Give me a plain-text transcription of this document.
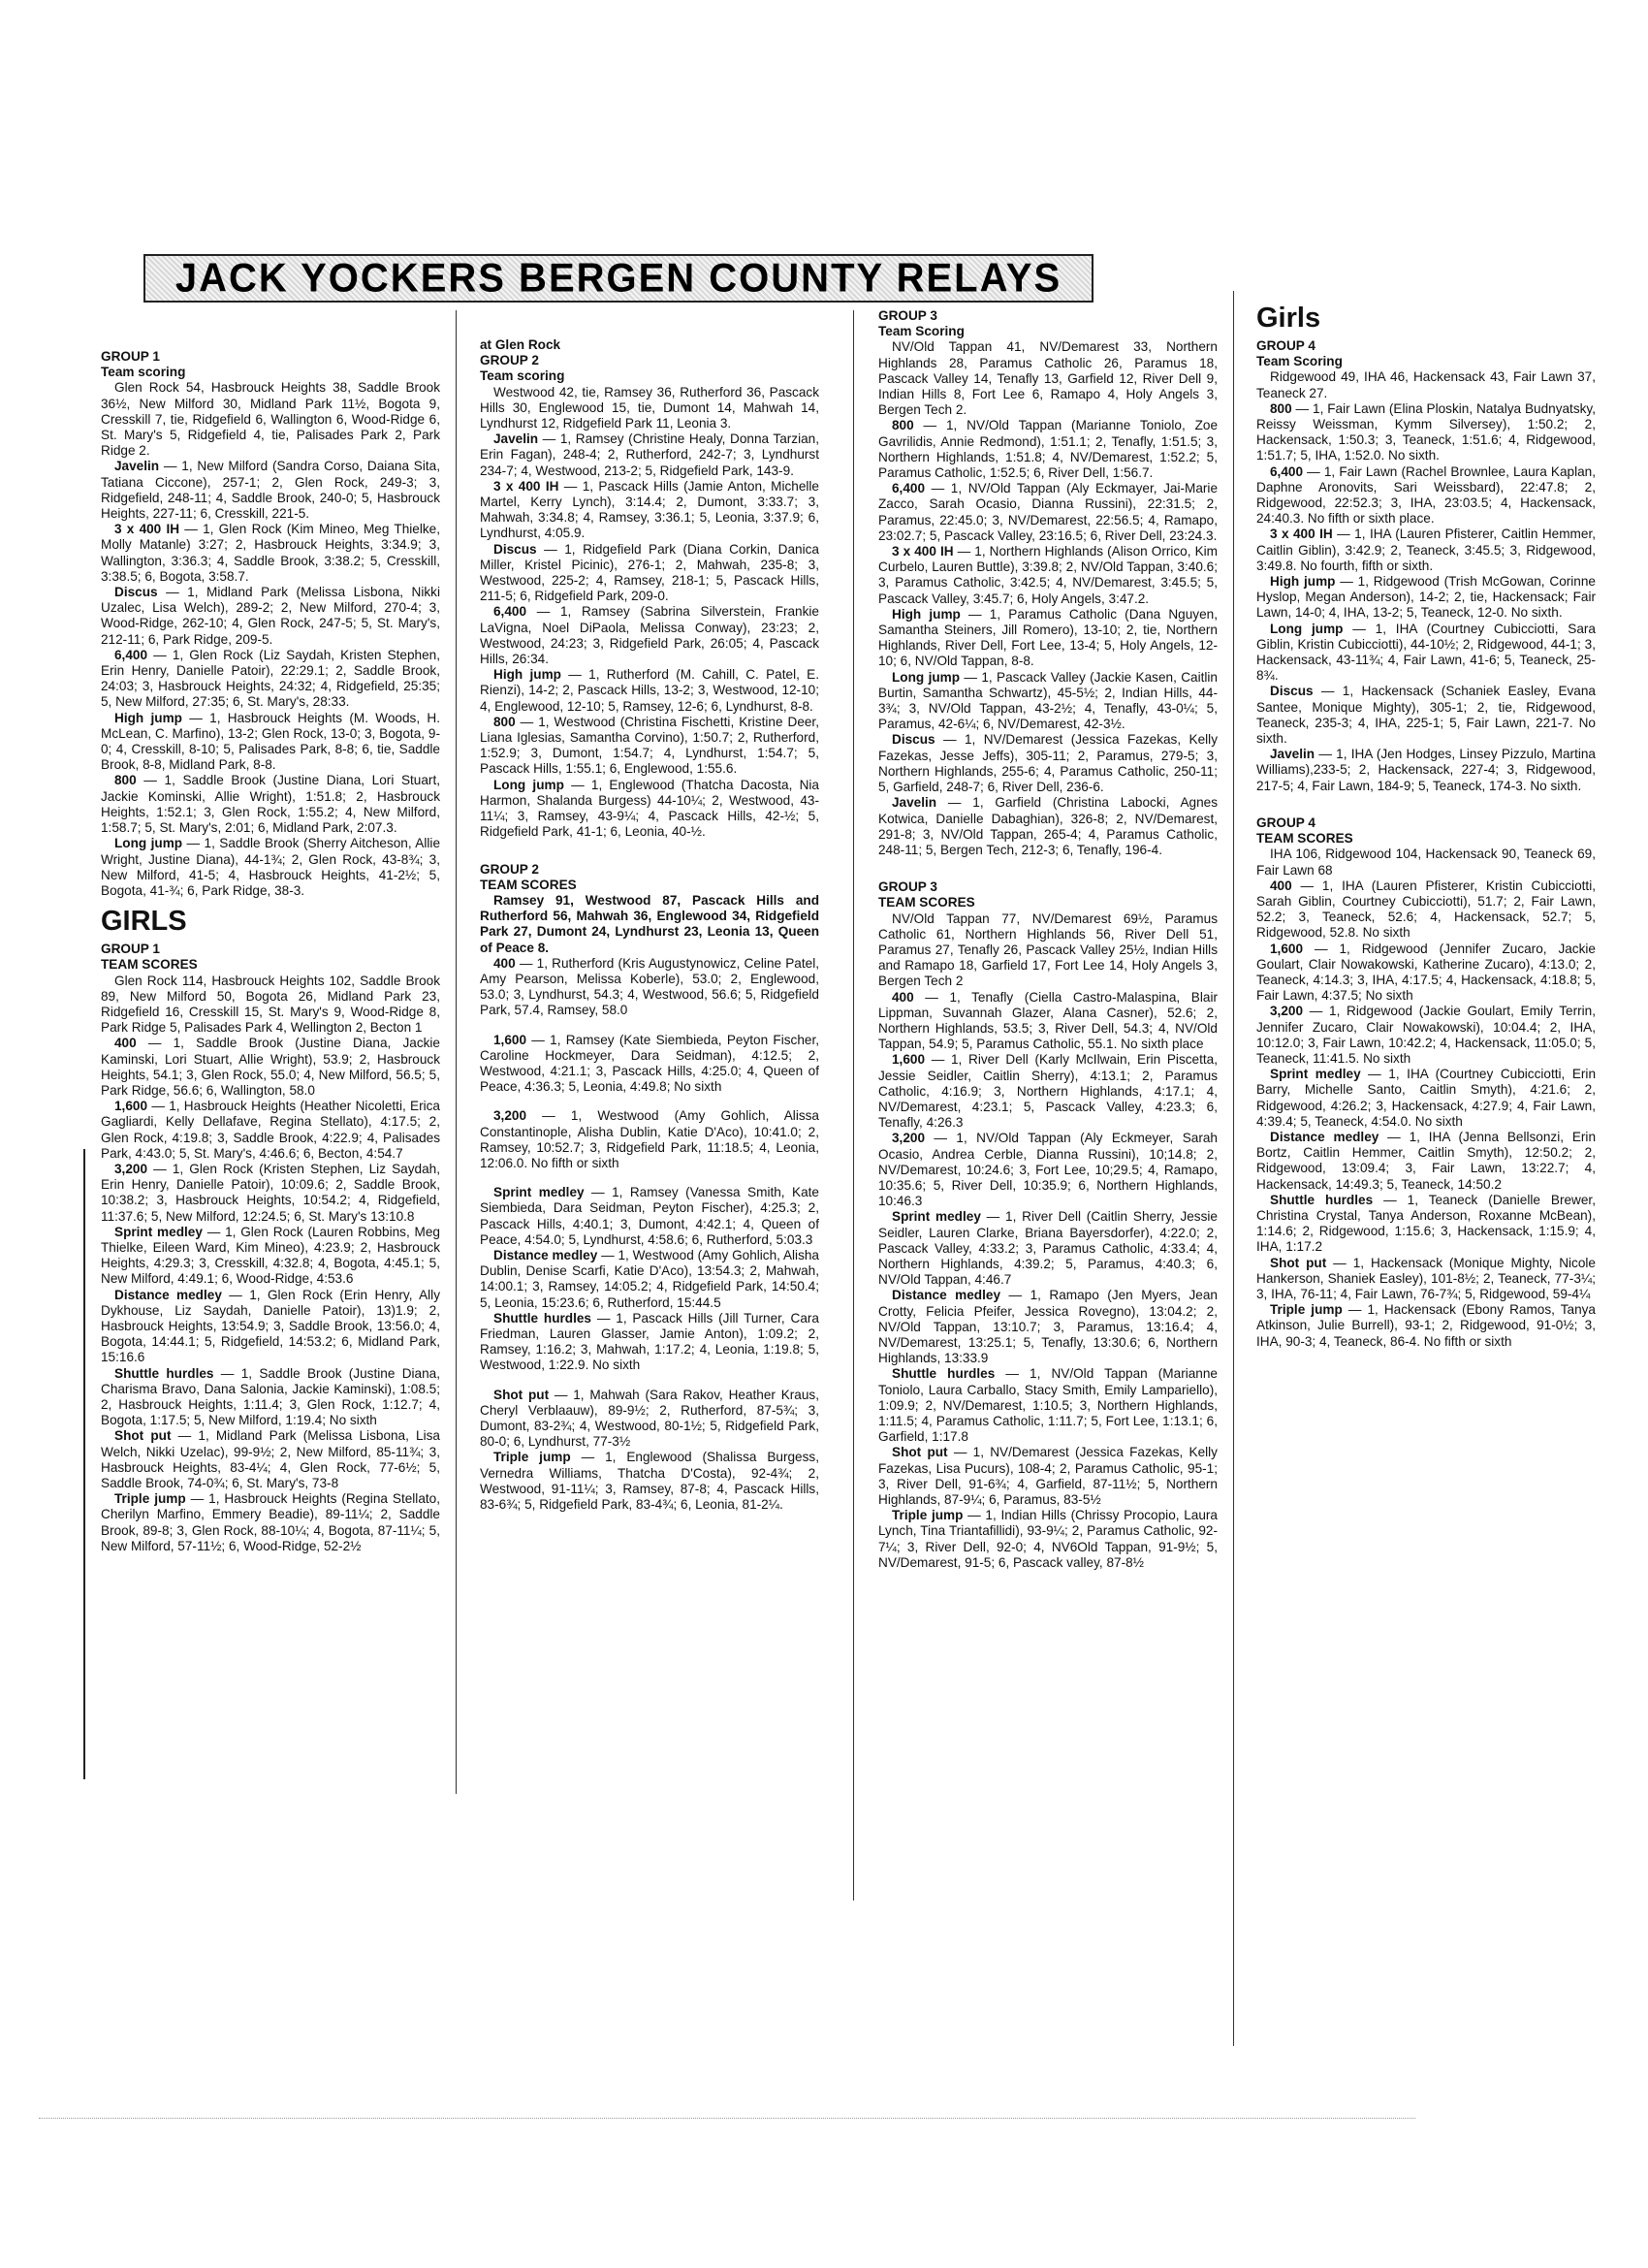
JACK YOCKERS BERGEN COUNTY RELAYS
GROUP 1
Team scoring

Glen Rock 54, Hasbrouck Heights 38, Saddle Brook 36½, New Milford 30, Midland Park 11½, Bogota 9, Cresskill 7, tie, Ridgefield 6, Wallington 6, Wood-Ridge 6, St. Mary's 5, Ridgefield 4, tie, Palisades Park 2, Park Ridge 2.

Javelin — 1, New Milford (Sandra Corso, Daiana Sita, Tatiana Ciccone), 257-1; 2, Glen Rock, 249-3; 3, Ridgefield, 248-11; 4, Saddle Brook, 240-0; 5, Hasbrouck Heights, 227-11; 6, Cresskill, 221-5.

3 x 400 IH — 1, Glen Rock (Kim Mineo, Meg Thielke, Molly Matanle) 3:27; 2, Hasbrouck Heights, 3:34.9; 3, Wallington, 3:36.3; 4, Saddle Brook, 3:38.2; 5, Cresskill, 3:38.5; 6, Bogota, 3:58.7.

Discus — 1, Midland Park (Melissa Lisbona, Nikki Uzalec, Lisa Welch), 289-2; 2, New Milford, 270-4; 3, Wood-Ridge, 262-10; 4, Glen Rock, 247-5; 5, St. Mary's, 212-11; 6, Park Ridge, 209-5.

6,400 — 1, Glen Rock (Liz Saydah, Kristen Stephen, Erin Henry, Danielle Patoir), 22:29.1; 2, Saddle Brook, 24:03; 3, Hasbrouck Heights, 24:32; 4, Ridgefield, 25:35; 5, New Milford, 27:35; 6, St. Mary's, 28:33.

High jump — 1, Hasbrouck Heights (M. Woods, H. McLean, C. Marfino), 13-2; Glen Rock, 13-0; 3, Bogota, 9-0; 4, Cresskill, 8-10; 5, Palisades Park, 8-8; 6, tie, Saddle Brook, 8-8, Midland Park, 8-8.

800 — 1, Saddle Brook (Justine Diana, Lori Stuart, Jackie Kominski, Allie Wright), 1:51.8; 2, Hasbrouck Heights, 1:52.1; 3, Glen Rock, 1:55.2; 4, New Milford, 1:58.7; 5, St. Mary's, 2:01; 6, Midland Park, 2:07.3.

Long jump — 1, Saddle Brook (Sherry Aitcheson, Allie Wright, Justine Diana), 44-1¾; 2, Glen Rock, 43-8¾; 3, New Milford, 41-5; 4, Hasbrouck Heights, 41-2½; 5, Bogota, 41-¾; 6, Park Ridge, 38-3.

GIRLS
GROUP 1
TEAM SCORES

Glen Rock 114, Hasbrouck Heights 102, Saddle Brook 89, New Milford 50, Bogota 26, Midland Park 23, Ridgefield 16, Cresskill 15, St. Mary's 9, Wood-Ridge 8, Park Ridge 5, Palisades Park 4, Wellington 2, Becton 1

400 — 1, Saddle Brook (Justine Diana, Jackie Kaminski, Lori Stuart, Allie Wright), 53.9; 2, Hasbrouck Heights, 54.1; 3, Glen Rock, 55.0; 4, New Milford, 56.5; 5, Park Ridge, 56.6; 6, Wallington, 58.0

1,600 — 1, Hasbrouck Heights (Heather Nicoletti, Erica Gagliardi, Kelly Dellafave, Regina Stellato), 4:17.5; 2, Glen Rock, 4:19.8; 3, Saddle Brook, 4:22.9; 4, Palisades Park, 4:43.0; 5, St. Mary's, 4:46.6; 6, Becton, 4:54.7

3,200 — 1, Glen Rock (Kristen Stephen, Liz Saydah, Erin Henry, Danielle Patoir), 10:09.6; 2, Saddle Brook, 10:38.2; 3, Hasbrouck Heights, 10:54.2; 4, Ridgefield, 11:37.6; 5, New Milford, 12:24.5; 6, St. Mary's 13:10.8

Sprint medley — 1, Glen Rock (Lauren Robbins, Meg Thielke, Eileen Ward, Kim Mineo), 4:23.9; 2, Hasbrouck Heights, 4:29.3; 3, Cresskill, 4:32.8; 4, Bogota, 4:45.1; 5, New Milford, 4:49.1; 6, Wood-Ridge, 4:53.6

Distance medley — 1, Glen Rock (Erin Henry, Ally Dykhouse, Liz Saydah, Danielle Patoir), 13)1.9; 2, Hasbrouck Heights, 13:54.9; 3, Saddle Brook, 13:56.0; 4, Bogota, 14:44.1; 5, Ridgefield, 14:53.2; 6, Midland Park, 15:16.6

Shuttle hurdles — 1, Saddle Brook (Justine Diana, Charisma Bravo, Dana Salonia, Jackie Kaminski), 1:08.5; 2, Hasbrouck Heights, 1:11.4; 3, Glen Rock, 1:12.7; 4, Bogota, 1:17.5; 5, New Milford, 1:19.4; No sixth

Shot put — 1, Midland Park (Melissa Lisbona, Lisa Welch, Nikki Uzelac), 99-9½; 2, New Milford, 85-11¾; 3, Hasbrouck Heights, 83-4¼; 4, Glen Rock, 77-6½; 5, Saddle Brook, 74-0¾; 6, St. Mary's, 73-8

Triple jump — 1, Hasbrouck Heights (Regina Stellato, Cherilyn Marfino, Emmery Beadie), 89-11¼; 2, Saddle Brook, 89-8; 3, Glen Rock, 88-10¼; 4, Bogota, 87-11¼; 5, New Milford, 57-11½; 6, Wood-Ridge, 52-2½

at Glen Rock
GROUP 2
Team scoring

Westwood 42, tie, Ramsey 36, Rutherford 36, Pascack Hills 30, Englewood 15, tie, Dumont 14, Mahwah 14, Lyndhurst 12, Ridgefield Park 11, Leonia 3.

Javelin — 1, Ramsey (Christine Healy, Donna Tarzian, Erin Fagan), 248-4; 2, Rutherford, 242-7; 3, Lyndhurst 234-7; 4, Westwood, 213-2; 5, Ridgefield Park, 143-9.

3 x 400 IH — 1, Pascack Hills (Jamie Anton, Michelle Martel, Kerry Lynch), 3:14.4; 2, Dumont, 3:33.7; 3, Mahwah, 3:34.8; 4, Ramsey, 3:36.1; 5, Leonia, 3:37.9; 6, Lyndhurst, 4:05.9.

Discus — 1, Ridgefield Park (Diana Corkin, Danica Miller, Kristel Picinic), 276-1; 2, Mahwah, 235-8; 3, Westwood, 225-2; 4, Ramsey, 218-1; 5, Pascack Hills, 211-5; 6, Ridgefield Park, 209-0.

6,400 — 1, Ramsey (Sabrina Silverstein, Frankie LaVigna, Noel DiPaola, Melissa Conway), 23:23; 2, Westwood, 24:23; 3, Ridgefield Park, 26:05; 4, Pascack Hills, 26:34.

High jump — 1, Rutherford (M. Cahill, C. Patel, E. Rienzi), 14-2; 2, Pascack Hills, 13-2; 3, Westwood, 12-10; 4, Englewood, 12-10; 5, Ramsey, 12-6; 6, Lyndhurst, 8-8.

800 — 1, Westwood (Christina Fischetti, Kristine Deer, Liana Iglesias, Samantha Corvino), 1:50.7; 2, Rutherford, 1:52.9; 3, Dumont, 1:54.7; 4, Lyndhurst, 1:54.7; 5, Pascack Hills, 1:55.1; 6, Englewood, 1:55.6.

Long jump — 1, Englewood (Thatcha Dacosta, Nia Harmon, Shalanda Burgess) 44-10¼; 2, Westwood, 43-11¼; 3, Ramsey, 43-9¼; 4, Pascack Hills, 42-½; 5, Ridgefield Park, 41-1; 6, Leonia, 40-½.

GROUP 2
TEAM SCORES

Ramsey 91, Westwood 87, Pascack Hills and Rutherford 56, Mahwah 36, Englewood 34, Ridgefield Park 27, Dumont 24, Lyndhurst 23, Leonia 13, Queen of Peace 8.

400 — 1, Rutherford (Kris Augustynowicz, Celine Patel, Amy Pearson, Melissa Koberle), 53.0; 2, Englewood, 53.0; 3, Lyndhurst, 54.3; 4, Westwood, 56.6; 5, Ridgefield Park, 57.4, Ramsey, 58.0

1,600 — 1, Ramsey (Kate Siembieda, Peyton Fischer, Caroline Hockmeyer, Dara Seidman), 4:12.5; 2, Westwood, 4:21.1; 3, Pascack Hills, 4:25.0; 4, Queen of Peace, 4:36.3; 5, Leonia, 4:49.8; No sixth

3,200 — 1, Westwood (Amy Gohlich, Alissa Constantinople, Alisha Dublin, Katie D'Aco), 10:41.0; 2, Ramsey, 10:52.7; 3, Ridgefield Park, 11:18.5; 4, Leonia, 12:06.0. No fifth or sixth

Sprint medley — 1, Ramsey (Vanessa Smith, Kate Siembieda, Dara Seidman, Peyton Fischer), 4:25.3; 2, Pascack Hills, 4:40.1; 3, Dumont, 4:42.1; 4, Queen of Peace, 4:54.0; 5, Lyndhurst, 4:58.6; 6, Rutherford, 5:03.3

Distance medley — 1, Westwood (Amy Gohlich, Alisha Dublin, Denise Scarfi, Katie D'Aco), 13:54.3; 2, Mahwah, 14:00.1; 3, Ramsey, 14:05.2; 4, Ridgefield Park, 14:50.4; 5, Leonia, 15:23.6; 6, Rutherford, 15:44.5

Shuttle hurdles — 1, Pascack Hills (Jill Turner, Cara Friedman, Lauren Glasser, Jamie Anton), 1:09.2; 2, Ramsey, 1:16.2; 3, Mahwah, 1:17.2; 4, Leonia, 1:19.8; 5, Westwood, 1:22.9. No sixth

Shot put — 1, Mahwah (Sara Rakov, Heather Kraus, Cheryl Verblaauw), 89-9½; 2, Rutherford, 87-5¾; 3, Dumont, 83-2¾; 4, Westwood, 80-1½; 5, Ridgefield Park, 80-0; 6, Lyndhurst, 77-3½

Triple jump — 1, Englewood (Shalissa Burgess, Vernedra Williams, Thatcha D'Costa), 92-4¾; 2, Westwood, 91-11¼; 3, Ramsey, 87-8; 4, Pascack Hills, 83-6¾; 5, Ridgefield Park, 83-4¾; 6, Leonia, 81-2¼.

GROUP 3
Team Scoring

NV/Old Tappan 41, NV/Demarest 33, Northern Highlands 28, Paramus Catholic 26, Paramus 18, Pascack Valley 14, Tenafly 13, Garfield 12, River Dell 9, Indian Hills 8, Fort Lee 6, Ramapo 4, Holy Angels 3, Bergen Tech 2.

800 — 1, NV/Old Tappan (Marianne Toniolo, Zoe Gavrilidis, Annie Redmond), 1:51.1; 2, Tenafly, 1:51.5; 3, Northern Highlands, 1:51.8; 4, NV/Demarest, 1:52.2; 5, Paramus Catholic, 1:52.5; 6, River Dell, 1:56.7.

6,400 — 1, NV/Old Tappan (Aly Eckmayer, Jai-Marie Zacco, Sarah Ocasio, Dianna Russini), 22:31.5; 2, Paramus, 22:45.0; 3, NV/Demarest, 22:56.5; 4, Ramapo, 23:02.7; 5, Pascack Valley, 23:16.5; 6, River Dell, 23:24.3.

3 x 400 IH — 1, Northern Highlands (Alison Orrico, Kim Curbelo, Lauren Buttle), 3:39.8; 2, NV/Old Tappan, 3:40.6; 3, Paramus Catholic, 3:42.5; 4, NV/Demarest, 3:45.5; 5, Pascack Valley, 3:45.7; 6, Holy Angels, 3:47.2.

High jump — 1, Paramus Catholic (Dana Nguyen, Samantha Steiners, Jill Romero), 13-10; 2, tie, Northern Highlands, River Dell, Fort Lee, 13-4; 5, Holy Angels, 12-10; 6, NV/Old Tappan, 8-8.

Long jump — 1, Pascack Valley (Jackie Kasen, Caitlin Burtin, Samantha Schwartz), 45-5½; 2, Indian Hills, 44-3¾; 3, NV/Old Tappan, 43-2½; 4, Tenafly, 43-0¼; 5, Paramus, 42-6¼; 6, NV/Demarest, 42-3½.

Discus — 1, NV/Demarest (Jessica Fazekas, Kelly Fazekas, Jesse Jeffs), 305-11; 2, Paramus, 279-5; 3, Northern Highlands, 255-6; 4, Paramus Catholic, 250-11; 5, Garfield, 248-7; 6, River Dell, 236-6.

Javelin — 1, Garfield (Christina Labocki, Agnes Kotwica, Danielle Dabaghian), 326-8; 2, NV/Demarest, 291-8; 3, NV/Old Tappan, 265-4; 4, Paramus Catholic, 248-11; 5, Bergen Tech, 212-3; 6, Tenafly, 196-4.

GROUP 3
TEAM SCORES

NV/Old Tappan 77, NV/Demarest 69½, Paramus Catholic 61, Northern Highlands 56, River Dell 51, Paramus 27, Tenafly 26, Pascack Valley 25½, Indian Hills and Ramapo 18, Garfield 17, Fort Lee 14, Holy Angels 3, Bergen Tech 2

400 — 1, Tenafly (Ciella Castro-Malaspina, Blair Lippman, Suvannah Glazer, Alana Casner), 52.6; 2, Northern Highlands, 53.5; 3, River Dell, 54.3; 4, NV/Old Tappan, 54.9; 5, Paramus Catholic, 55.1. No sixth place

1,600 — 1, River Dell (Karly McIlwain, Erin Piscetta, Jessie Seidler, Caitlin Sherry), 4:13.1; 2, Paramus Catholic, 4:16.9; 3, Northern Highlands, 4:17.1; 4, NV/Demarest, 4:23.1; 5, Pascack Valley, 4:23.3; 6, Tenafly, 4:26.3

3,200 — 1, NV/Old Tappan (Aly Eckmeyer, Sarah Ocasio, Andrea Cerble, Dianna Russini), 10;14.8; 2, NV/Demarest, 10:24.6; 3, Fort Lee, 10;29.5; 4, Ramapo, 10:35.6; 5, River Dell, 10:35.9; 6, Northern Highlands, 10:46.3

Sprint medley — 1, River Dell (Caitlin Sherry, Jessie Seidler, Lauren Clarke, Briana Bayersdorfer), 4:22.0; 2, Pascack Valley, 4:33.2; 3, Paramus Catholic, 4:33.4; 4, Northern Highlands, 4:39.2; 5, Paramus, 4:40.3; 6, NV/Old Tappan, 4:46.7

Distance medley — 1, Ramapo (Jen Myers, Jean Crotty, Felicia Pfeifer, Jessica Rovegno), 13:04.2; 2, NV/Old Tappan, 13:10.7; 3, Paramus, 13:16.4; 4, NV/Demarest, 13:25.1; 5, Tenafly, 13:30.6; 6, Northern Highlands, 13:33.9

Shuttle hurdles — 1, NV/Old Tappan (Marianne Toniolo, Laura Carballo, Stacy Smith, Emily Lampariello), 1:09.9; 2, NV/Demarest, 1:10.5; 3, Northern Highlands, 1:11.5; 4, Paramus Catholic, 1:11.7; 5, Fort Lee, 1:13.1; 6, Garfield, 1:17.8

Shot put — 1, NV/Demarest (Jessica Fazekas, Kelly Fazekas, Lisa Pucurs), 108-4; 2, Paramus Catholic, 95-1; 3, River Dell, 91-6¾; 4, Garfield, 87-11½; 5, Northern Highlands, 87-9¼; 6, Paramus, 83-5½

Triple jump — 1, Indian Hills (Chrissy Procopio, Laura Lynch, Tina Triantafillidi), 93-9¼; 2, Paramus Catholic, 92-7¼; 3, River Dell, 92-0; 4, NV6Old Tappan, 91-9½; 5, NV/Demarest, 91-5; 6, Pascack valley, 87-8½

Girls
GROUP 4
Team Scoring

Ridgewood 49, IHA 46, Hackensack 43, Fair Lawn 37, Teaneck 27.

800 — 1, Fair Lawn (Elina Ploskin, Natalya Budnyatsky, Reissy Weissman, Kymm Silversey), 1:50.2; 2, Hackensack, 1:50.3; 3, Teaneck, 1:51.6; 4, Ridgewood, 1:51.7; 5, IHA, 1:52.0. No sixth.

6,400 — 1, Fair Lawn (Rachel Brownlee, Laura Kaplan, Daphne Aronovits, Sari Weissbard), 22:47.8; 2, Ridgewood, 22:52.3; 3, IHA, 23:03.5; 4, Hackensack, 24:40.3. No fifth or sixth place.

3 x 400 IH — 1, IHA (Lauren Pfisterer, Caitlin Hemmer, Caitlin Giblin), 3:42.9; 2, Teaneck, 3:45.5; 3, Ridgewood, 3:49.8. No fourth, fifth or sixth.

High jump — 1, Ridgewood (Trish McGowan, Corinne Hyslop, Megan Anderson), 14-2; 2, tie, Hackensack; Fair Lawn, 14-0; 4, IHA, 13-2; 5, Teaneck, 12-0. No sixth.

Long jump — 1, IHA (Courtney Cubicciotti, Sara Giblin, Kristin Cubicciotti), 44-10½; 2, Ridgewood, 44-1; 3, Hackensack, 43-11¾; 4, Fair Lawn, 41-6; 5, Teaneck, 25-8¾.

Discus — 1, Hackensack (Schaniek Easley, Evana Santee, Monique Mighty), 305-1; 2, tie, Ridgewood, Teaneck, 235-3; 4, IHA, 225-1; 5, Fair Lawn, 221-7. No sixth.

Javelin — 1, IHA (Jen Hodges, Linsey Pizzulo, Martina Williams),233-5; 2, Hackensack, 227-4; 3, Ridgewood, 217-5; 4, Fair Lawn, 184-9; 5, Teaneck, 174-3. No sixth.

GROUP 4
TEAM SCORES

IHA 106, Ridgewood 104, Hackensack 90, Teaneck 69, Fair Lawn 68

400 — 1, IHA (Lauren Pfisterer, Kristin Cubicciotti, Sarah Giblin, Courtney Cubicciotti), 51.7; 2, Fair Lawn, 52.2; 3, Teaneck, 52.6; 4, Hackensack, 52.7; 5, Ridgewood, 52.8. No sixth

1,600 — 1, Ridgewood (Jennifer Zucaro, Jackie Goulart, Clair Nowakowski, Katherine Zucaro), 4:13.0; 2, Teaneck, 4:14.3; 3, IHA, 4:17.5; 4, Hackensack, 4:18.8; 5, Fair Lawn, 4:37.5; No sixth

3,200 — 1, Ridgewood (Jackie Goulart, Emily Terrin, Jennifer Zucaro, Clair Nowakowski), 10:04.4; 2, IHA, 10:12.0; 3, Fair Lawn, 10:42.2; 4, Hackensack, 11:05.0; 5, Teaneck, 11:41.5. No sixth

Sprint medley — 1, IHA (Courtney Cubicciotti, Erin Barry, Michelle Santo, Caitlin Smyth), 4:21.6; 2, Ridgewood, 4:26.2; 3, Hackensack, 4:27.9; 4, Fair Lawn, 4:39.4; 5, Teaneck, 4:54.0. No sixth

Distance medley — 1, IHA (Jenna Bellsonzi, Erin Bortz, Caitlin Hemmer, Caitlin Smyth), 12:50.2; 2, Ridgewood, 13:09.4; 3, Fair Lawn, 13:22.7; 4, Hackensack, 14:49.3; 5, Teaneck, 14:50.2

Shuttle hurdles — 1, Teaneck (Danielle Brewer, Christina Crystal, Tanya Anderson, Roxanne McBean), 1:14.6; 2, Ridgewood, 1:15.6; 3, Hackensack, 1:15.9; 4, IHA, 1:17.2

Shot put — 1, Hackensack (Monique Mighty, Nicole Hankerson, Shaniek Easley), 101-8½; 2, Teaneck, 77-3¼; 3, IHA, 76-11; 4, Fair Lawn, 76-7¾; 5, Ridgewood, 59-4¼

Triple jump — 1, Hackensack (Ebony Ramos, Tanya Atkinson, Julie Burrell), 93-1; 2, Ridgewood, 91-0½; 3, IHA, 90-3; 4, Teaneck, 86-4. No fifth or sixth
